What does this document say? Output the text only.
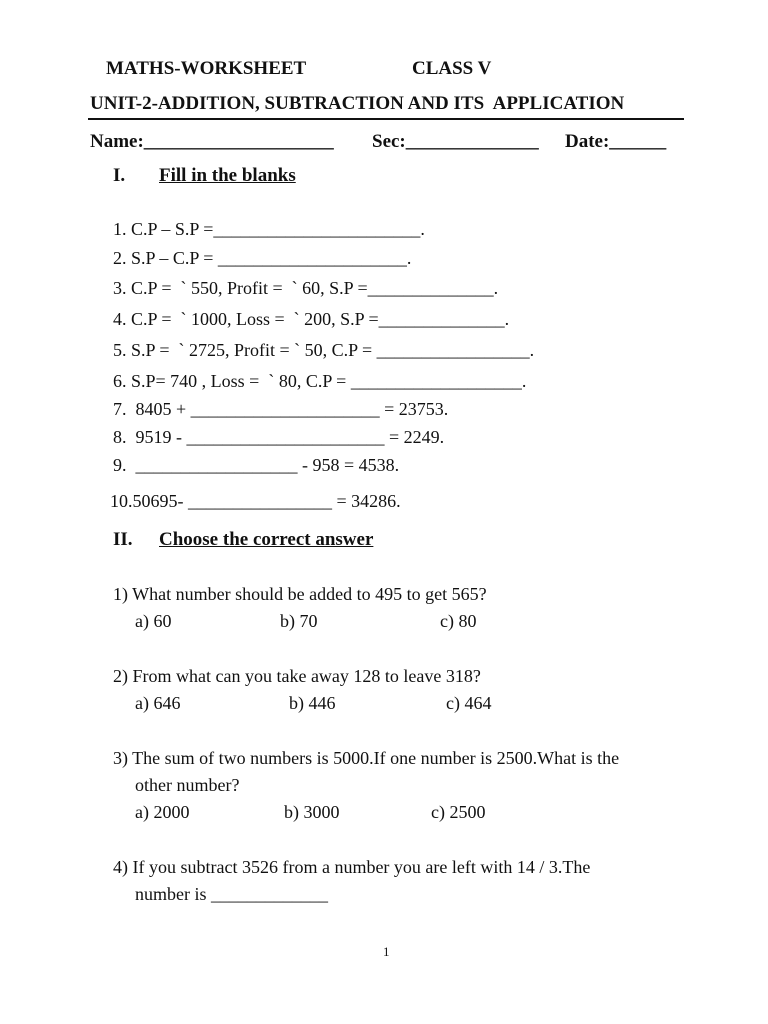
MATHS-WORKSHEET	CLASS V
UNIT-2-ADDITION, SUBTRACTION AND ITS  APPLICATION
Name:____________________ Sec:______________ Date:______
I. Fill in the blanks
1. C.P – S.P =_______________________.
2. S.P – C.P = _____________________.
3. C.P =  ` 550, Profit =  ` 60, S.P =______________.
4. C.P =  ` 1000, Loss =  ` 200, S.P =______________.
5. S.P =  ` 2725, Profit = ` 50, C.P = _________________.
6. S.P= 740 , Loss =  ` 80, C.P = ___________________.
7.  8405 + _____________________ = 23753.
8.  9519 - ______________________ = 2249.
9.  __________________ - 958 = 4538.
10.50695- ________________ = 34286.
II. Choose the correct answer
1) What number should be added to 495 to get 565?
a) 60	b) 70	c) 80
2) From what can you take away 128 to leave 318?
a) 646	b) 446	c) 464
3) The sum of two numbers is 5000.If one number is 2500.What is the
other number?
a) 2000	b) 3000	c) 2500
4) If you subtract 3526 from a number you are left with 14 / 3.The
number is _____________
1
